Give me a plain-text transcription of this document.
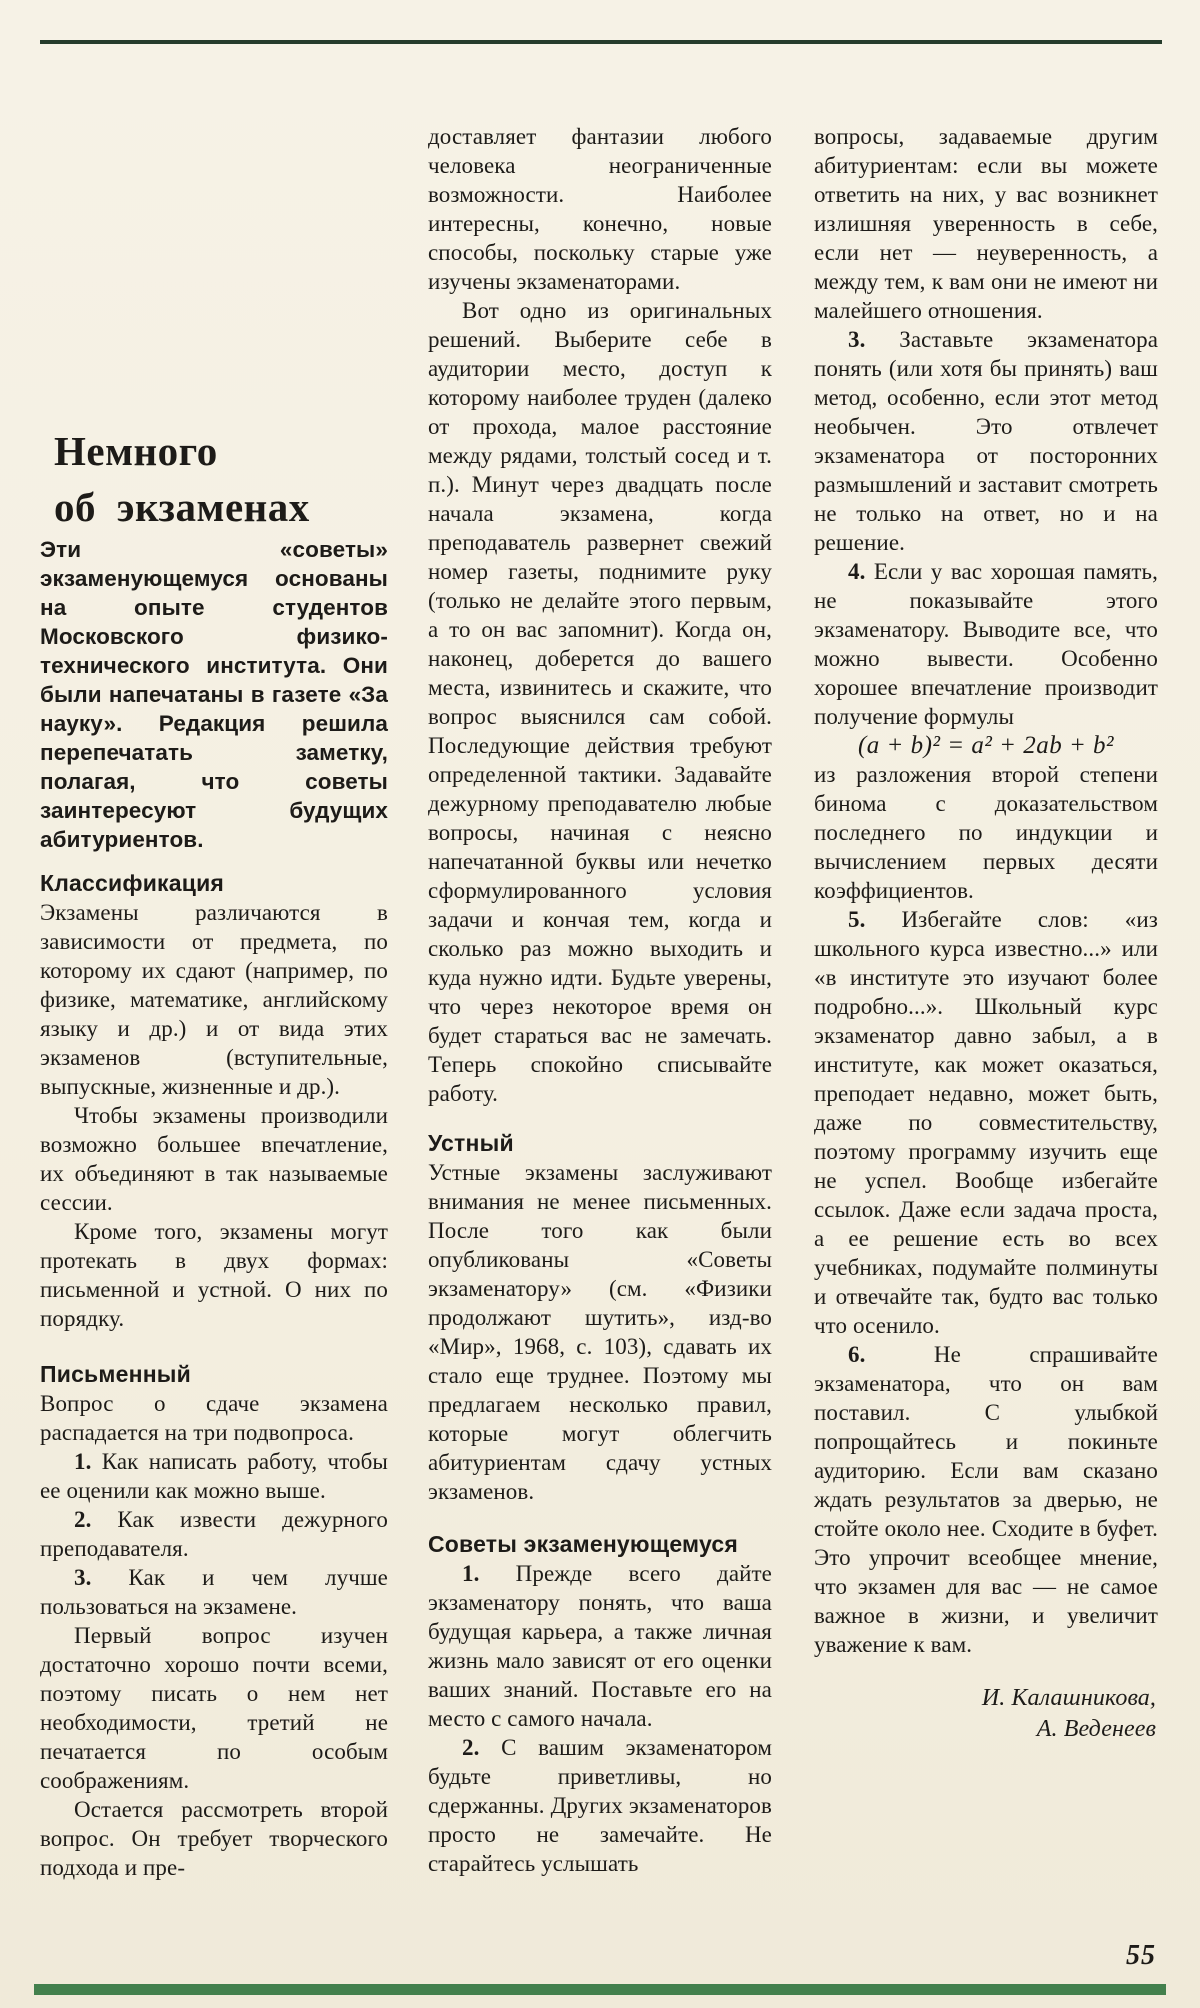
Немного
об экзаменах

Эти «советы» экзаменующемуся основаны на опыте студентов Московского физико-технического института. Они были напечатаны в газете «За науку». Редакция решила перепечатать заметку, полагая, что советы заинтересуют будущих абитуриентов.

Классификация

Экзамены различаются в зависимости от предмета, по которому их сдают (например, по физике, математике, английскому языку и др.) и от вида этих экзаменов (вступительные, выпускные, жизненные и др.).

Чтобы экзамены производили возможно большее впечатление, их объединяют в так называемые сессии.

Кроме того, экзамены могут протекать в двух формах: письменной и устной. О них по порядку.

Письменный

Вопрос о сдаче экзамена распадается на три подвопроса.

1. Как написать работу, чтобы ее оценили как можно выше.

2. Как извести дежурного преподавателя.

3. Как и чем лучше пользоваться на экзамене.

Первый вопрос изучен достаточно хорошо почти всеми, поэтому писать о нем нет необходимости, третий не печатается по особым соображениям.

Остается рассмотреть второй вопрос. Он требует творческого подхода и пре-

доставляет фантазии любого человека неограниченные возможности. Наиболее интересны, конечно, новые способы, поскольку старые уже изучены экзаменаторами.

Вот одно из оригинальных решений. Выберите себе в аудитории место, доступ к которому наиболее труден (далеко от прохода, малое расстояние между рядами, толстый сосед и т. п.). Минут через двадцать после начала экзамена, когда преподаватель развернет свежий номер газеты, поднимите руку (только не делайте этого первым, а то он вас запомнит). Когда он, наконец, доберется до вашего места, извинитесь и скажите, что вопрос выяснился сам собой. Последующие действия требуют определенной тактики. Задавайте дежурному преподавателю любые вопросы, начиная с неясно напечатанной буквы или нечетко сформулированного условия задачи и кончая тем, когда и сколько раз можно выходить и куда нужно идти. Будьте уверены, что через некоторое время он будет стараться вас не замечать. Теперь спокойно списывайте работу.

Устный

Устные экзамены заслуживают внимания не менее письменных. После того как были опубликованы «Советы экзаменатору» (см. «Физики продолжают шутить», изд-во «Мир», 1968, с. 103), сдавать их стало еще труднее. Поэтому мы предлагаем несколько правил, которые могут облегчить абитуриентам сдачу устных экзаменов.

Советы экзаменующемуся

1. Прежде всего дайте экзаменатору понять, что ваша будущая карьера, а также личная жизнь мало зависят от его оценки ваших знаний. Поставьте его на место с самого начала.

2. С вашим экзаменатором будьте приветливы, но сдержанны. Других экзаменаторов просто не замечайте. Не старайтесь услышать

вопросы, задаваемые другим абитуриентам: если вы можете ответить на них, у вас возникнет излишняя уверенность в себе, если нет — неуверенность, а между тем, к вам они не имеют ни малейшего отношения.

3. Заставьте экзаменатора понять (или хотя бы принять) ваш метод, особенно, если этот метод необычен. Это отвлечет экзаменатора от посторонних размышлений и заставит смотреть не только на ответ, но и на решение.

4. Если у вас хорошая память, не показывайте этого экзаменатору. Выводите все, что можно вывести. Особенно хорошее впечатление производит получение формулы

(a + b)² = a² + 2ab + b²

из разложения второй степени бинома с доказательством последнего по индукции и вычислением первых десяти коэффициентов.

5. Избегайте слов: «из школьного курса известно...» или «в институте это изучают более подробно...». Школьный курс экзаменатор давно забыл, а в институте, как может оказаться, преподает недавно, может быть, даже по совместительству, поэтому программу изучить еще не успел. Вообще избегайте ссылок. Даже если задача проста, а ее решение есть во всех учебниках, подумайте полминуты и отвечайте так, будто вас только что осенило.

6.	Не спрашивайте экзаменатора, что он вам поставил. С улыбкой попрощайтесь и покиньте аудиторию. Если вам сказано ждать результатов за дверью, не стойте около нее. Сходите в буфет. Это упрочит всеобщее мнение, что экзамен для вас — не самое важное в жизни, и увеличит уважение к вам.

И. Калашникова,
А. Веденеев
55
